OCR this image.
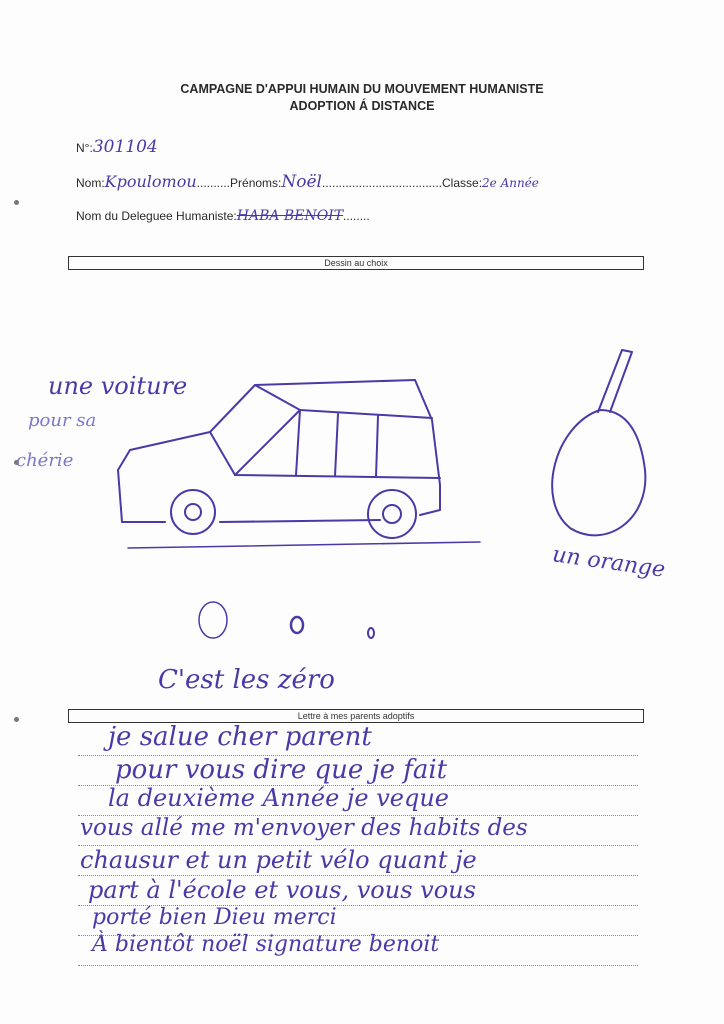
CAMPAGNE D'APPUI HUMAIN DU MOUVEMENT HUMANISTE
ADOPTION Á DISTANCE
N°:301104
Nom:Kpoulomou..........Prénoms:Noël....................................Classe:2e Année
Nom du Deleguee Humaniste:HABA BENOIT........
Dessin au choix
Lettre à mes parents adoptifs
une voiture
pour sa
chérie
un orange
C'est les zéro
je salue cher parent
pour vous dire que je fait
la deuxième Année je veque
vous allé me m'envoyer des habits des
chausur et un petit vélo quant je
part à l'école et vous, vous vous
porté bien Dieu merci
À bientôt noël signature benoit
